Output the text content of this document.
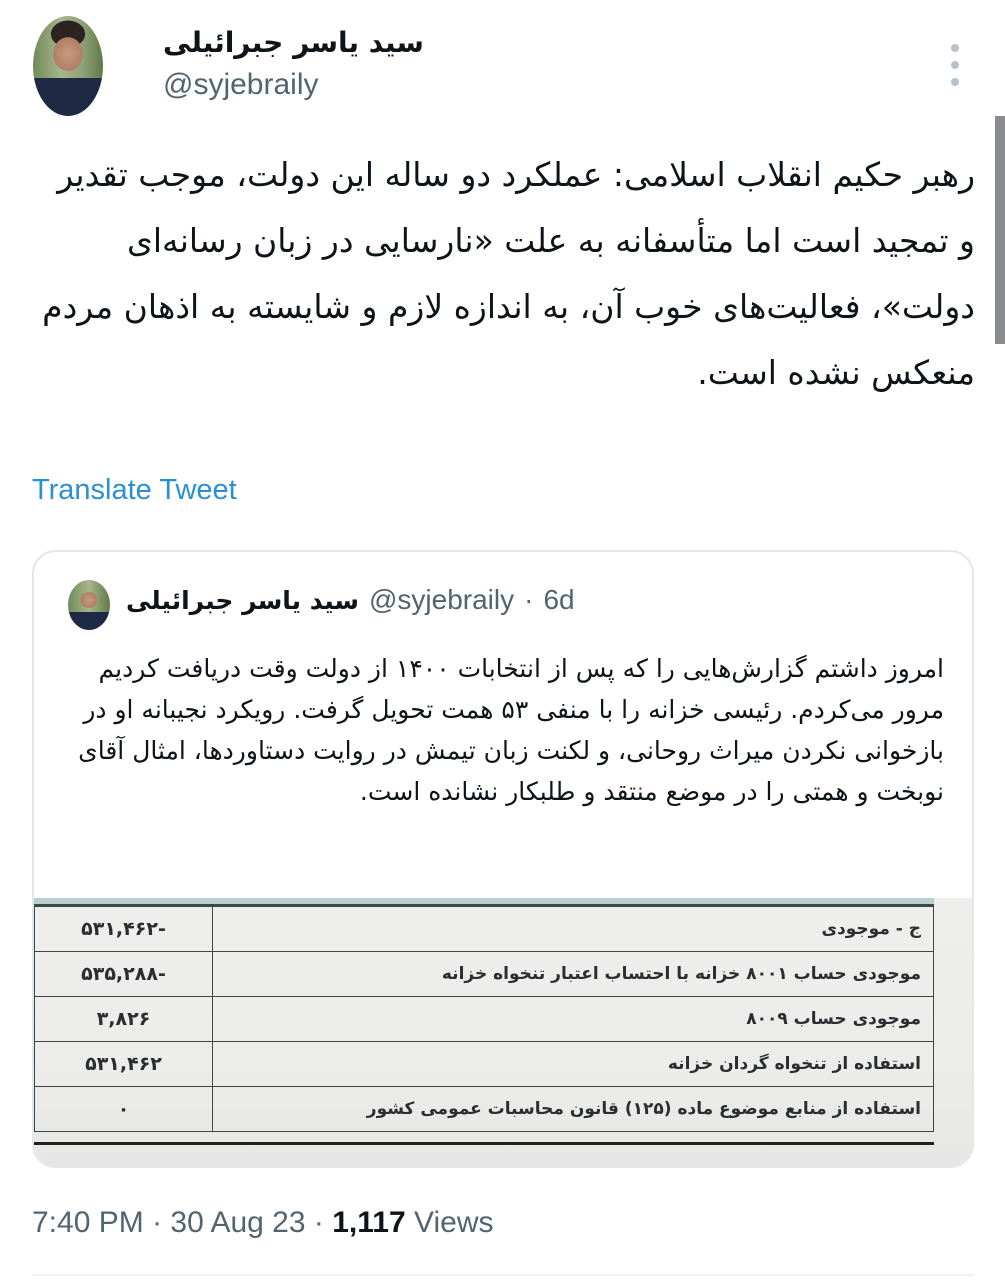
سید یاسر جبرائیلی
@syjebraily
رهبر حکیم انقلاب اسلامی: عملکرد دو ساله این دولت، موجب تقدیر و تمجید است اما متأسفانه به علت «نارسایی در زبان رسانه‌ای دولت»، فعالیت‌های خوب آن، به اندازه لازم و شایسته به اذهان مردم منعکس نشده است.
Translate Tweet
سید یاسر جبرائیلی @syjebraily · 6d
امروز داشتم گزارش‌هایی را که پس از انتخابات ۱۴۰۰ از دولت وقت دریافت کردیم مرور می‌کردم. رئیسی خزانه را با منفی ۵۳ همت تحویل گرفت. رویکرد نجیبانه او در بازخوانی نکردن میراث روحانی، و لکنت زبان تیمش در روایت دستاوردها، امثال آقای نوبخت و همتی را در موضع منتقد و طلبکار نشانده است.
-۵۳۱,۴۶۲	ج - موجودی
-۵۳۵,۲۸۸	موجودی حساب ۸۰۰۱ خزانه با احتساب اعتبار تنخواه خزانه
۳,۸۲۶	موجودی حساب ۸۰۰۹
۵۳۱,۴۶۲	استفاده از تنخواه گردان خزانه
۰	استفاده از منابع موضوع ماده (۱۲۵) قانون محاسبات عمومی کشور
7:40 PM · 30 Aug 23 · 1,117 Views
